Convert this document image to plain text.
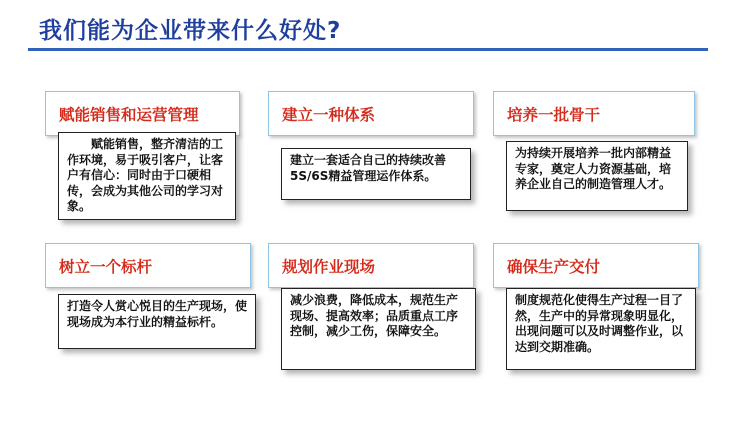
我们能为企业带来什么好处?
赋能销售和运营管理
　　赋能销售，整齐清洁的工作环境，易于吸引客户，让客户有信心：同时由于口硬相传，会成为其他公司的学习对象。
建立一种体系
建立一套适合自己的持续改善5S/6S精益管理运作体系。
培养一批骨干
为持续开展培养一批内部精益专家，奠定人力资源基础，培养企业自己的制造管理人才。
树立一个标杆
打造令人赏心悦目的生产现场，使现场成为本行业的精益标杆。
规划作业现场
减少浪费，降低成本，规范生产现场、提高效率；品质重点工序控制，减少工伤，保障安全。
确保生产交付
制度规范化使得生产过程一目了然，生产中的异常现象明显化，出现问题可以及时调整作业，以达到交期准确。
